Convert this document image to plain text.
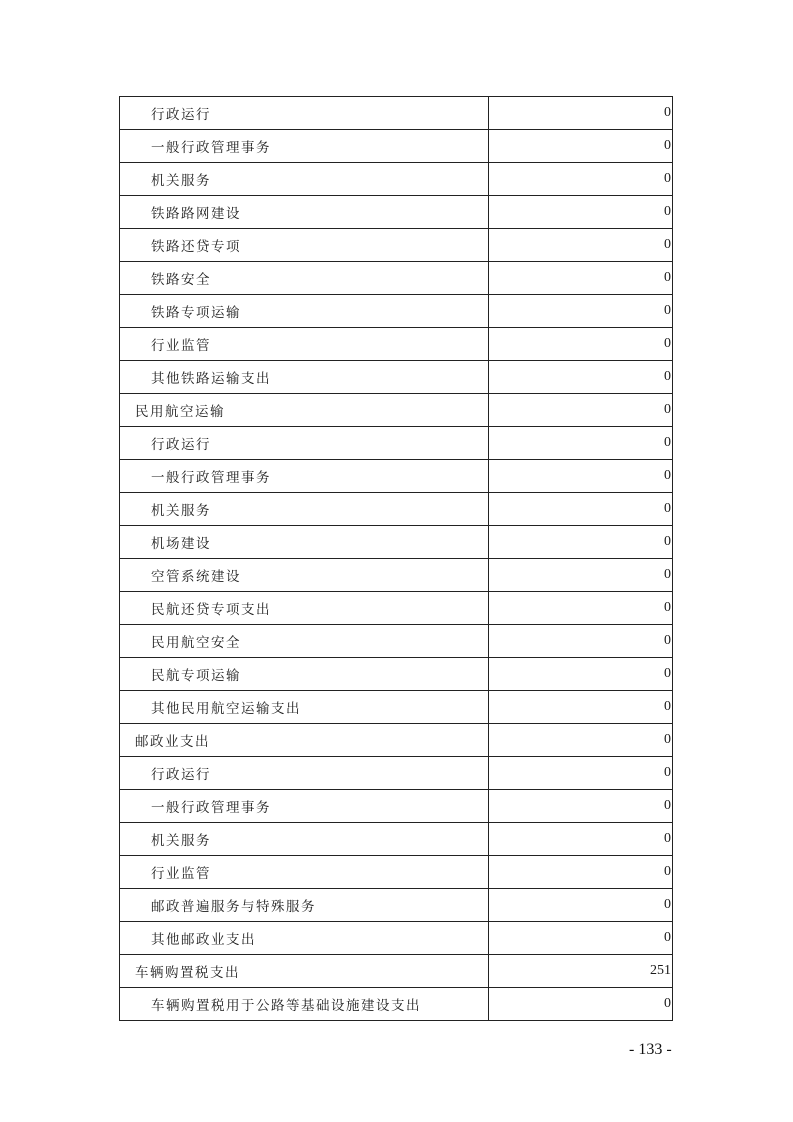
行政运行	0
一般行政管理事务	0
机关服务	0
铁路路网建设	0
铁路还贷专项	0
铁路安全	0
铁路专项运输	0
行业监管	0
其他铁路运输支出	0
民用航空运输	0
行政运行	0
一般行政管理事务	0
机关服务	0
机场建设	0
空管系统建设	0
民航还贷专项支出	0
民用航空安全	0
民航专项运输	0
其他民用航空运输支出	0
邮政业支出	0
行政运行	0
一般行政管理事务	0
机关服务	0
行业监管	0
邮政普遍服务与特殊服务	0
其他邮政业支出	0
车辆购置税支出	251
车辆购置税用于公路等基础设施建设支出	0
- 133 -
